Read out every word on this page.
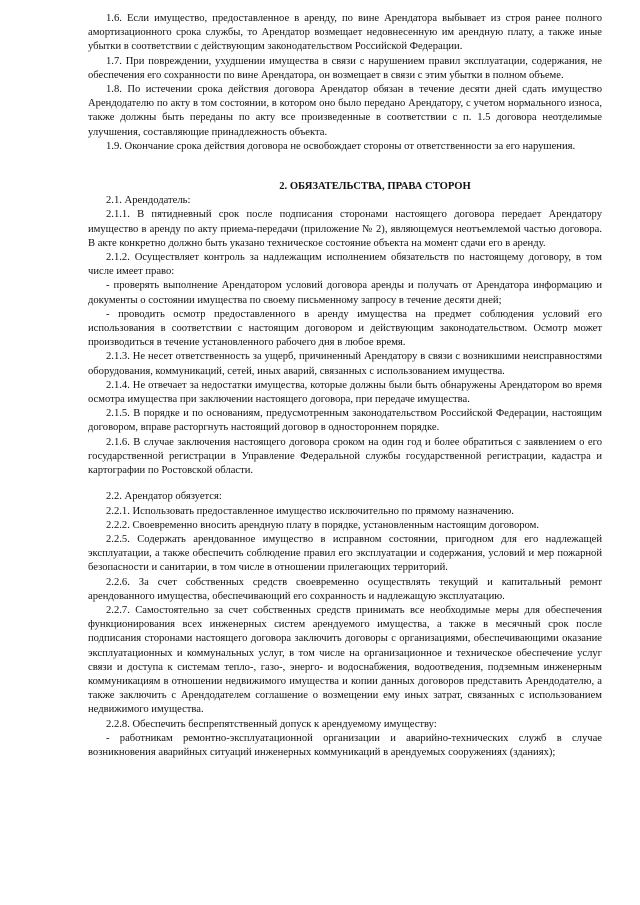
1.6. Если имущество, предоставленное в аренду, по вине Арендатора выбывает из строя ранее полного амортизационного срока службы, то Арендатор возмещает недовнесенную им арендную плату, а также иные убытки в соответствии с действующим законодательством Российской Федерации.

1.7. При повреждении, ухудшении имущества в связи с нарушением правил эксплуатации, содержания, не обеспечения его сохранности по вине Арендатора, он возмещает в связи с этим убытки в полном объеме.

1.8. По истечении срока действия договора Арендатор обязан в течение десяти дней сдать имущество Арендодателю по акту в том состоянии, в котором оно было передано Арендатору, с учетом нормального износа, также должны быть переданы по акту все произведенные в соответствии с п. 1.5 договора неотделимые улучшения, составляющие принадлежность объекта.

1.9. Окончание срока действия договора не освобождает стороны от ответственности за его нарушения.

2. ОБЯЗАТЕЛЬСТВА, ПРАВА СТОРОН

2.1. Арендодатель:

2.1.1. В пятидневный срок после подписания сторонами настоящего договора передает Арендатору имущество в аренду по акту приема-передачи (приложение № 2), являющемуся неотъемлемой частью договора. В акте конкретно должно быть указано техническое состояние объекта на момент сдачи его в аренду.

2.1.2. Осуществляет контроль за надлежащим исполнением обязательств по настоящему договору, в том числе имеет право:

- проверять выполнение Арендатором условий договора аренды и получать от Арендатора информацию и документы о состоянии имущества по своему письменному запросу в течение десяти дней;

- проводить осмотр предоставленного в аренду имущества на предмет соблюдения условий его использования в соответствии с настоящим договором и действующим законодательством. Осмотр может производиться в течение установленного рабочего дня в любое время.

2.1.3. Не несет ответственность за ущерб, причиненный Арендатору в связи с возникшими неисправностями оборудования, коммуникаций, сетей, иных аварий, связанных с использованием имущества.

2.1.4. Не отвечает за недостатки имущества, которые должны были быть обнаружены Арендатором во время осмотра имущества при заключении настоящего договора, при передаче имущества.

2.1.5. В порядке и по основаниям, предусмотренным законодательством Российской Федерации, настоящим договором, вправе расторгнуть настоящий договор в одностороннем порядке.

2.1.6. В случае заключения настоящего договора сроком на один год и более обратиться с заявлением о его государственной регистрации в Управление Федеральной службы государственной регистрации, кадастра и картографии по Ростовской области.

2.2. Арендатор обязуется:

2.2.1. Использовать предоставленное имущество исключительно по прямому назначению.

2.2.2. Своевременно вносить арендную плату в порядке, установленным настоящим договором.

2.2.5. Содержать арендованное имущество в исправном состоянии, пригодном для его надлежащей эксплуатации, а также обеспечить соблюдение правил его эксплуатации и содержания, условий и мер пожарной безопасности и санитарии, в том числе в отношении прилегающих территорий.

2.2.6. За счет собственных средств своевременно осуществлять текущий и капитальный ремонт арендованного имущества, обеспечивающий его сохранность и надлежащую эксплуатацию.

2.2.7. Самостоятельно за счет собственных средств принимать все необходимые меры для обеспечения функционирования всех инженерных систем арендуемого имущества, а также в месячный срок после подписания сторонами настоящего договора заключить договоры с организациями, обеспечивающими оказание эксплуатационных и коммунальных услуг, в том числе на организационное и техническое обеспечение услуг связи и доступа к системам тепло-, газо-, энерго- и водоснабжения, водоотведения, подземным инженерным коммуникациям в отношении недвижимого имущества и копии данных договоров представить Арендодателю, а также заключить с Арендодателем соглашение о возмещении ему иных затрат, связанных с использованием недвижимого имущества.

2.2.8. Обеспечить беспрепятственный допуск к арендуемому имуществу:

- работникам ремонтно-эксплуатационной организации и аварийно-технических служб в случае возникновения аварийных ситуаций инженерных коммуникаций в арендуемых сооружениях (зданиях);
